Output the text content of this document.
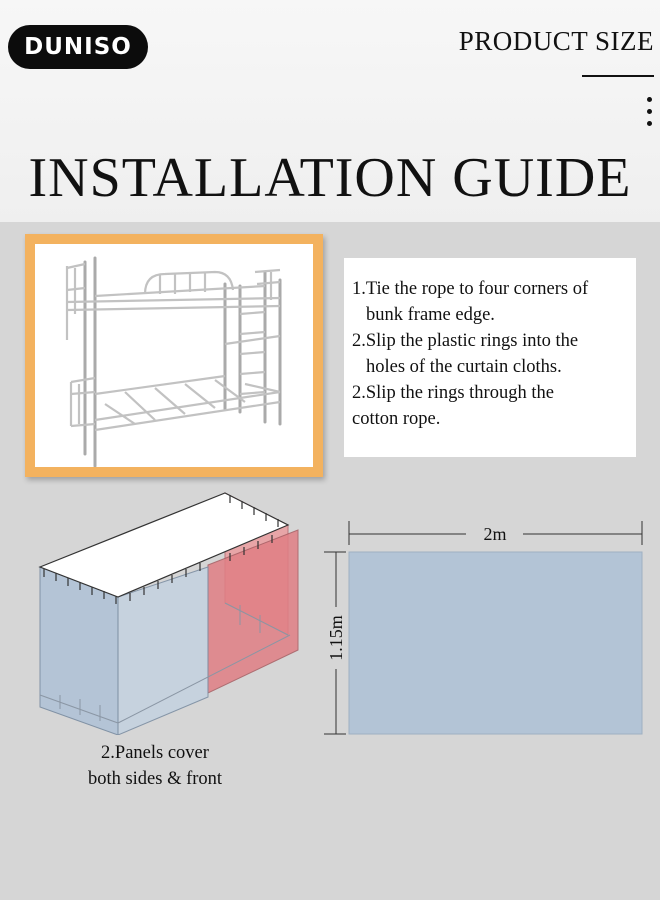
DUNISO	PRODUCT SIZE
INSTALLATION GUIDE

1.Tie the rope to four corners of

bunk frame edge.

2.Slip the plastic rings into the

holes of the curtain cloths.

2.Slip the rings through the

cotton rope.

2.Panels cover
both sides & front
2m
1.15m
